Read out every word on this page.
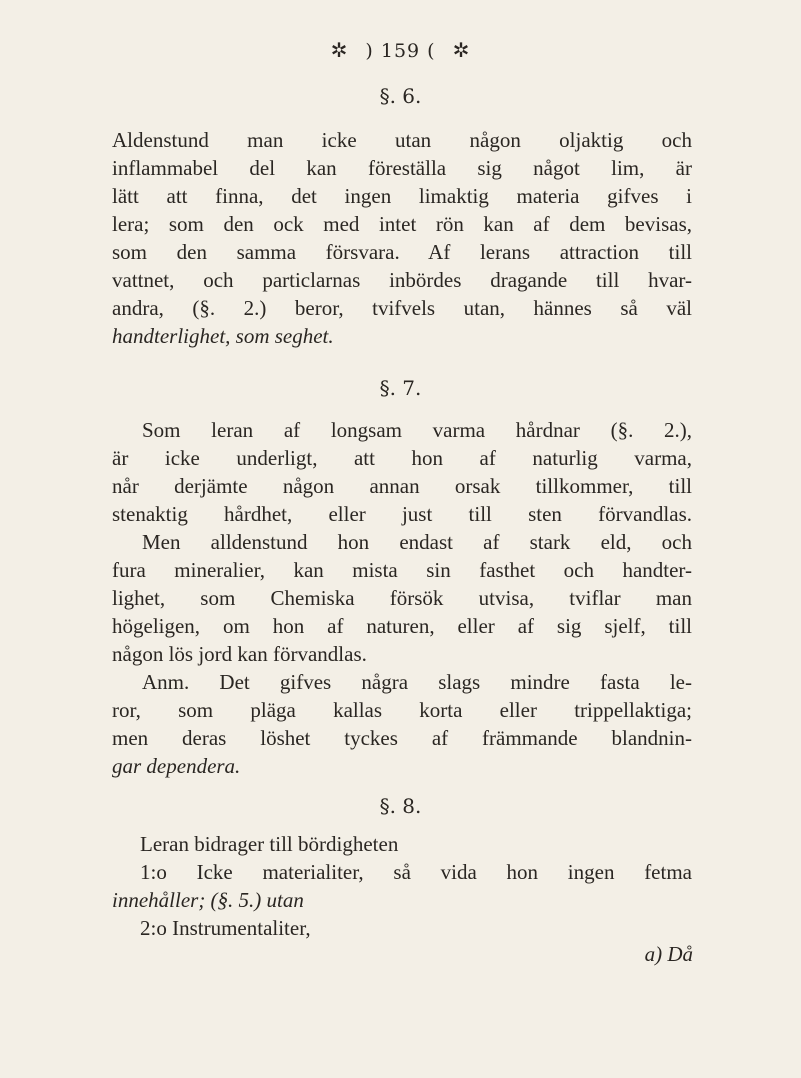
✲ ) 159 ( ✲
§. 6.
Aldenstund man icke utan någon oljaktig och
inflammabel del kan föreställa sig något lim, är
lätt att finna, det ingen limaktig materia gifves i
lera; som den ock med intet rön kan af dem bevisas,
som den samma försvara. Af lerans attraction till
vattnet, och particlarnas inbördes dragande till hvar-
andra, (§. 2.) beror, tvifvels utan, hännes så väl
handterlighet, som seghet.
§. 7.
Som leran af longsam varma hårdnar (§. 2.),
är icke underligt, att hon af naturlig varma,
når derjämte någon annan orsak tillkommer, till
stenaktig hårdhet, eller just till sten förvandlas.
Men alldenstund hon endast af stark eld, och
fura mineralier, kan mista sin fasthet och handter-
lighet, som Chemiska försök utvisa, tviflar man
högeligen, om hon af naturen, eller af sig sjelf, till
någon lös jord kan förvandlas.
Anm. Det gifves några slags mindre fasta le-
ror, som pläga kallas korta eller trippellaktiga;
men deras löshet tyckes af främmande blandnin-
gar dependera.
§. 8.
Leran bidrager till bördigheten
1:o Icke materialiter, så vida hon ingen fetma
innehåller; (§. 5.) utan
2:o Instrumentaliter,
a) Då
